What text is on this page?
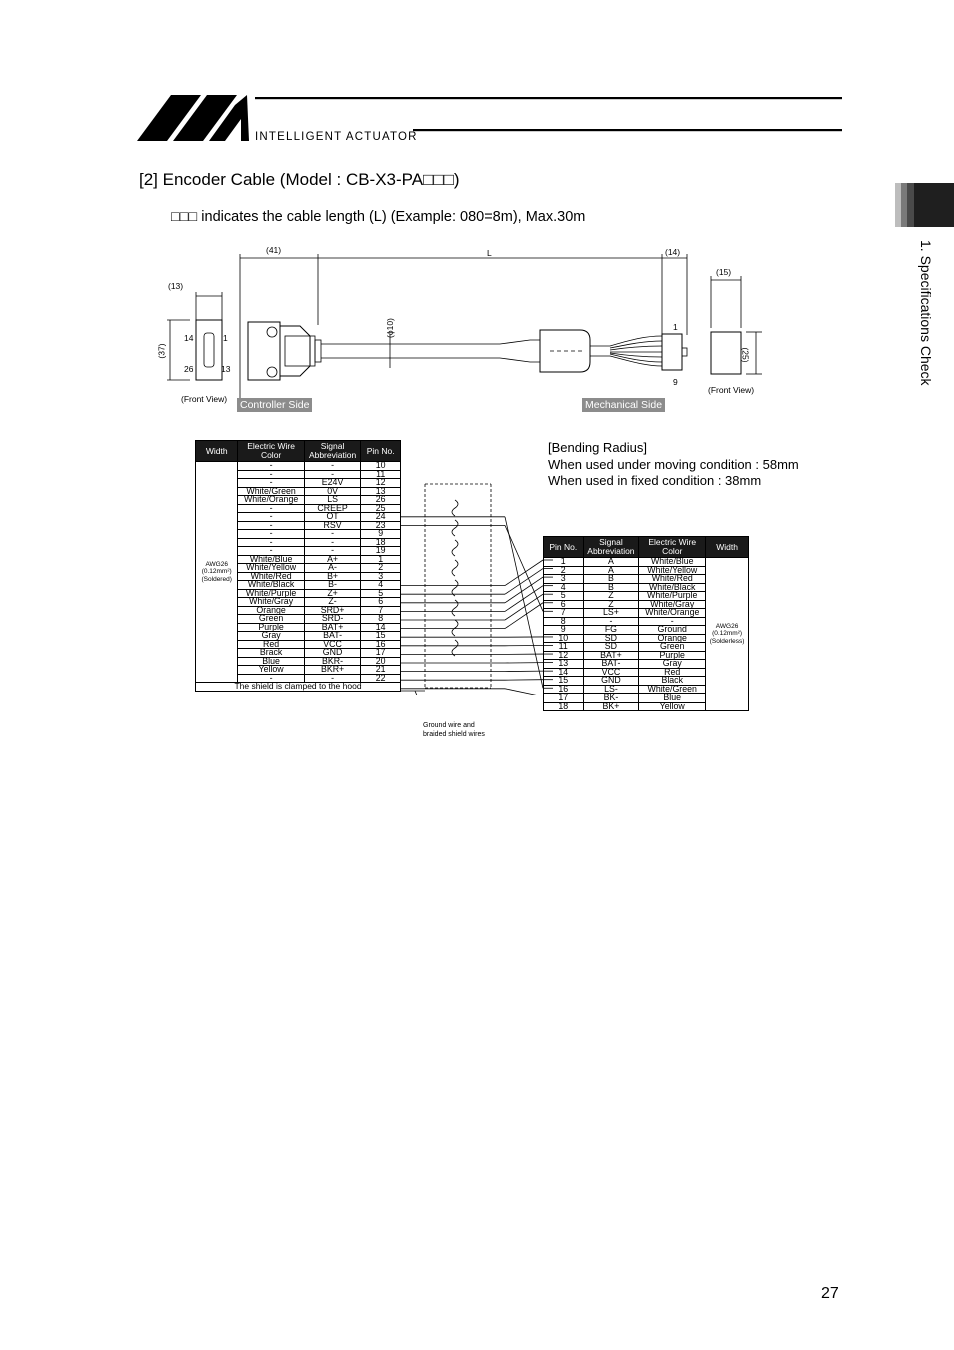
INTELLIGENT ACTUATOR
[2] Encoder Cable (Model : CB-X3-PA□□□)
□□□ indicates the cable length (L) (Example: 080=8m), Max.30m
1. Specifications Check
(41)	L	(14)
(15)
(13)
(37)
(ϕ10)
(25)
14	1
26	13
1
9
(Front View)
(Front View)
Controller Side	Mechanical Side
[Bending Radius]
When used under moving condition : 58mm
When used in fixed condition : 38mm
Width	Electric Wire Color	Signal Abbreviation	Pin No.

AWG26
(0.12mm²)
(Soldered)	-	-	10
	-	-	11
	-	E24V	12
	White/Green	0V	13
	White/Orange	LS	26
	-	CREEP	25
	-	OT	24
	-	RSV	23
	-	-	9
	-	-	18
	-	-	19
	White/Blue	A+	1
	White/Yellow	A-	2
	White/Red	B+	3
	White/Black	B-	4
	White/Purple	Z+	5
	White/Gray	Z-	6
	Orange	SRD+	7
	Green	SRD-	8
	Purple	BAT+	14
	Gray	BAT-	15
	Red	VCC	16
	Brack	GND	17
	Blue	BKR-	20
	Yellow	BKR+	21
	-	-	22
The shield is clamped to the hood			
Ground wire and
braided shield wires
Pin No.	Signal Abbreviation	Electric Wire Color	Width
1	A	White/Blue	AWG26
(0.12mm²)
(Solderless)

2	A	White/Yellow	
3	B	White/Red	
4	B	White/Black	
5	Z	White/Purple	
6	Z	White/Gray	
7	LS+	White/Orange	
8	-	-	
9	FG	Ground	
10	SD	Orange	
11	SD	Green	
12	BAT+	Purple	
13	BAT-	Gray	
14	VCC	Red	
15	GND	Black	
16	LS-	White/Green	
17	BK-	Blue	
18	BK+	Yellow	
27
